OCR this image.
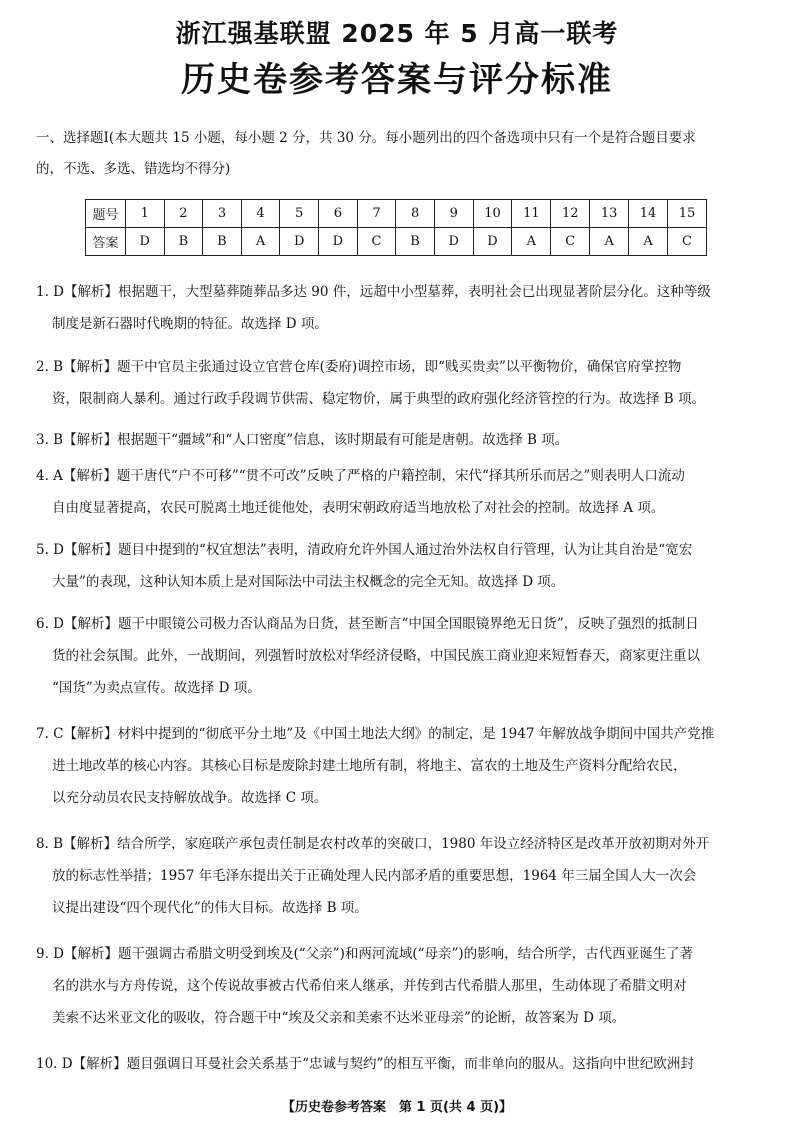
浙江强基联盟 2025 年 5 月高一联考
历史卷参考答案与评分标准
一、选择题Ⅰ(本大题共 15 小题，每小题 2 分，共 30 分。每小题列出的四个备选项中只有一个是符合题目要求
的，不选、多选、错选均不得分)
题号	1	2	3	4	5	6	7	8	9	10	11	12	13	14	15
答案	D	B	B	A	D	D	C	B	D	D	A	C	A	A	C

1. D【解析】根据题干，大型墓葬随葬品多达 90 件，远超中小型墓葬，表明社会已出现显著阶层分化。这种等级

制度是新石器时代晚期的特征。故选择 D 项。

2. B【解析】题干中官员主张通过设立官营仓库(委府)调控市场，即“贱买贵卖”以平衡物价，确保官府掌控物

资，限制商人暴利。通过行政手段调节供需、稳定物价，属于典型的政府强化经济管控的行为。故选择 B 项。

3. B【解析】根据题干“疆域”和“人口密度”信息，该时期最有可能是唐朝。故选择 B 项。

4. A【解析】题干唐代“户不可移”“贯不可改”反映了严格的户籍控制，宋代“择其所乐而居之”则表明人口流动

自由度显著提高，农民可脱离土地迁徙他处，表明宋朝政府适当地放松了对社会的控制。故选择 A 项。

5. D【解析】题目中提到的“权宜想法”表明，清政府允许外国人通过治外法权自行管理，认为让其自治是“宽宏

大量”的表现，这种认知本质上是对国际法中司法主权概念的完全无知。故选择 D 项。

6. D【解析】题干中眼镜公司极力否认商品为日货，甚至断言“中国全国眼镜界绝无日货”，反映了强烈的抵制日

货的社会氛围。此外，一战期间，列强暂时放松对华经济侵略，中国民族工商业迎来短暂春天，商家更注重以

“国货”为卖点宣传。故选择 D 项。

7. C【解析】材料中提到的“彻底平分土地”及《中国土地法大纲》的制定，是 1947 年解放战争期间中国共产党推

进土地改革的核心内容。其核心目标是废除封建土地所有制，将地主、富农的土地及生产资料分配给农民，

以充分动员农民支持解放战争。故选择 C 项。

8. B【解析】结合所学，家庭联产承包责任制是农村改革的突破口，1980 年设立经济特区是改革开放初期对外开

放的标志性举措；1957 年毛泽东提出关于正确处理人民内部矛盾的重要思想，1964 年三届全国人大一次会

议提出建设“四个现代化”的伟大目标。故选择 B 项。

9. D【解析】题干强调古希腊文明受到埃及(“父亲”)和两河流域(“母亲”)的影响，结合所学，古代西亚诞生了著

名的洪水与方舟传说，这个传说故事被古代希伯来人继承，并传到古代希腊人那里，生动体现了希腊文明对

美索不达米亚文化的吸收，符合题干中“埃及父亲和美索不达米亚母亲”的论断，故答案为 D 项。

10. D【解析】题目强调日耳曼社会关系基于“忠诚与契约”的相互平衡，而非单向的服从。这指向中世纪欧洲封

【历史卷参考答案　第 1 页(共 4 页)】
